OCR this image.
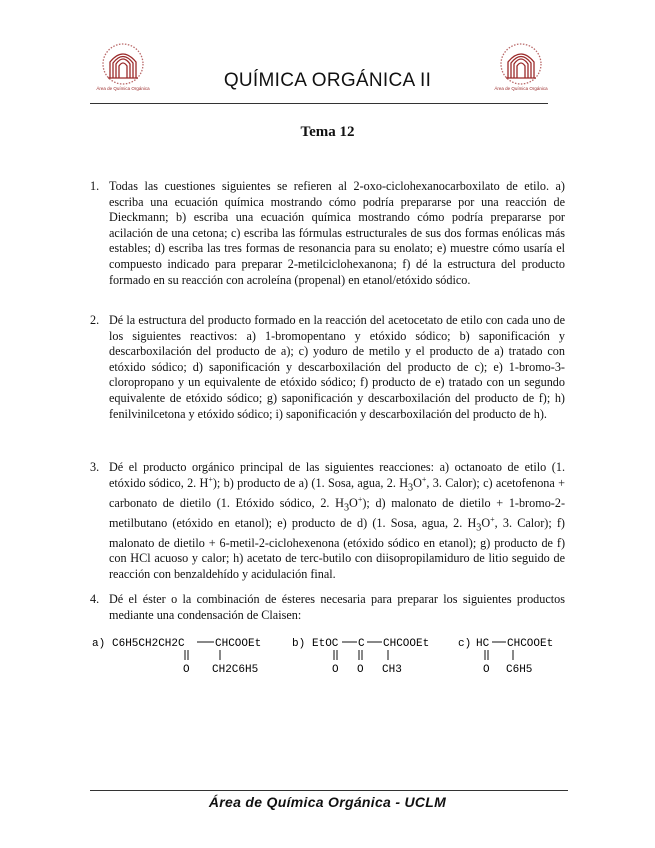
Área de Química Orgánica	Área de Química Orgánica
QUÍMICA ORGÁNICA II
Tema 12
1. Todas las cuestiones siguientes se refieren al 2-oxo-ciclohexanocarboxilato de etilo. a) escriba una ecuación química mostrando cómo podría prepararse por una reacción de Dieckmann; b) escriba una ecuación química mostrando cómo podría prepararse por acilación de una cetona; c) escriba las fórmulas estructurales de sus dos formas enólicas más estables; d) escriba las tres formas de resonancia para su enolato; e) muestre cómo usaría el compuesto indicado para preparar 2-metilciclohexanona; f) dé la estructura del producto formado en su reacción con acroleína (propenal) en etanol/etóxido sódico.
2. Dé la estructura del producto formado en la reacción del acetocetato de etilo con cada uno de los siguientes reactivos: a) 1-bromopentano y etóxido sódico; b) saponificación y descarboxilación del producto de a); c) yoduro de metilo y el producto de a) tratado con etóxido sódico; d) saponificación y descarboxilación del producto de c); e) 1-bromo-3-cloropropano y un equivalente de etóxido sódico; f) producto de e) tratado con un segundo equivalente de etóxido sódico; g) saponificación y descarboxilación del producto de f); h) fenilvinilcetona y etóxido sódico; i) saponificación y descarboxilación del producto de h).
3. Dé el producto orgánico principal de las siguientes reacciones: a) octanoato de etilo (1. etóxido sódico, 2. H+); b) producto de a) (1. Sosa, agua, 2. $H_3O^+$, 3. Calor); c) acetofenona + carbonato de dietilo (1. Etóxido sódico, 2. $H_3O^+$); d) malonato de dietilo + 1-bromo-2-metilbutano (etóxido en etanol); e) producto de d) (1. Sosa, agua, 2. $H_3O^+$, 3. Calor); f) malonato de dietilo + 6-metil-2-ciclohexenona (etóxido sódico en etanol); g) producto de f) con HCl acuoso y calor; h) acetato de terc-butilo con diisopropilamiduro de litio seguido de reacción con benzaldehído y acidulación final.
4. Dé el éster o la combinación de ésteres necesaria para preparar los siguientes productos mediante una condensación de Claisen:
a) C6H5CH2CH2C	CHCOOEt
O CH2C6H5
b) EtOC C CHCOOEt
O O CH3
c) HC CHCOOEt
O C6H5
Área de Química Orgánica - UCLM
